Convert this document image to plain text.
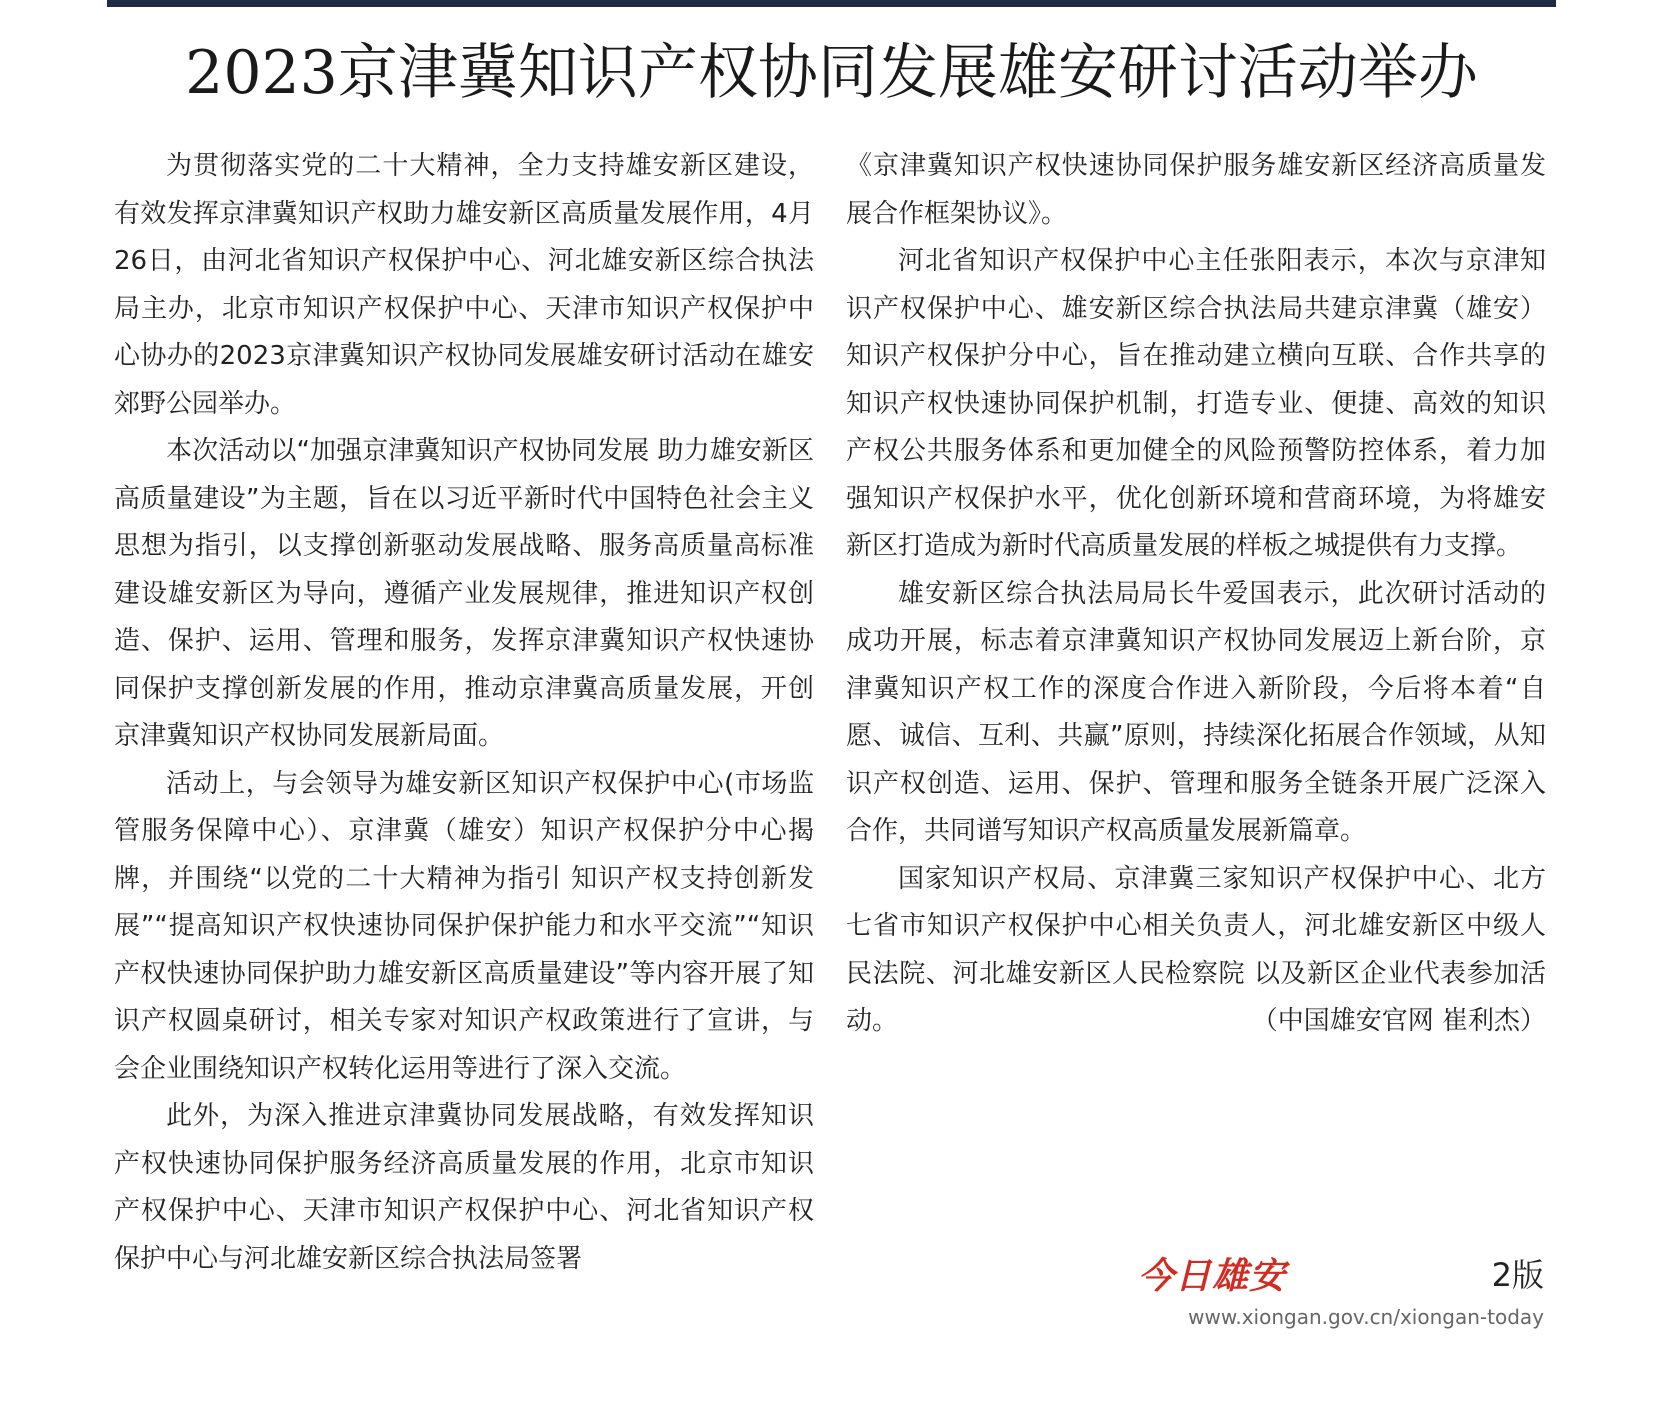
2023京津冀知识产权协同发展雄安研讨活动举办

为贯彻落实党的二十大精神，全力支持雄安新区建设，有效发挥京津冀知识产权助力雄安新区高质量发展作用，4月26日，由河北省知识产权保护中心、河北雄安新区综合执法局主办，北京市知识产权保护中心、天津市知识产权保护中心协办的2023京津冀知识产权协同发展雄安研讨活动在雄安郊野公园举办。

本次活动以“加强京津冀知识产权协同发展 助力雄安新区高质量建设”为主题，旨在以习近平新时代中国特色社会主义思想为指引，以支撑创新驱动发展战略、服务高质量高标准建设雄安新区为导向，遵循产业发展规律，推进知识产权创造、保护、运用、管理和服务，发挥京津冀知识产权快速协同保护支撑创新发展的作用，推动京津冀高质量发展，开创京津冀知识产权协同发展新局面。

活动上，与会领导为雄安新区知识产权保护中心(市场监管服务保障中心）、京津冀（雄安）知识产权保护分中心揭牌，并围绕“以党的二十大精神为指引 知识产权支持创新发展”“提高知识产权快速协同保护保护能力和水平交流”“知识产权快速协同保护助力雄安新区高质量建设”等内容开展了知识产权圆桌研讨，相关专家对知识产权政策进行了宣讲，与会企业围绕知识产权转化运用等进行了深入交流。

此外，为深入推进京津冀协同发展战略，有效发挥知识产权快速协同保护服务经济高质量发展的作用，北京市知识产权保护中心、天津市知识产权保护中心、河北省知识产权保护中心与河北雄安新区综合执法局签署

《京津冀知识产权快速协同保护服务雄安新区经济高质量发展合作框架协议》。

河北省知识产权保护中心主任张阳表示，本次与京津知识产权保护中心、雄安新区综合执法局共建京津冀（雄安）知识产权保护分中心，旨在推动建立横向互联、合作共享的知识产权快速协同保护机制，打造专业、便捷、高效的知识产权公共服务体系和更加健全的风险预警防控体系，着力加强知识产权保护水平，优化创新环境和营商环境，为将雄安新区打造成为新时代高质量发展的样板之城提供有力支撑。

雄安新区综合执法局局长牛爱国表示，此次研讨活动的成功开展，标志着京津冀知识产权协同发展迈上新台阶，京津冀知识产权工作的深度合作进入新阶段，今后将本着“自愿、诚信、互利、共赢”原则，持续深化拓展合作领域，从知识产权创造、运用、保护、管理和服务全链条开展广泛深入合作，共同谱写知识产权高质量发展新篇章。

国家知识产权局、京津冀三家知识产权保护中心、北方七省市知识产权保护中心相关负责人，河北雄安新区中级人民法院、河北雄安新区人民检察院 以及新区企业代表参加活动。	（中国雄安官网 崔利杰）

今日雄安	2版
www.xiongan.gov.cn/xiongan-today
